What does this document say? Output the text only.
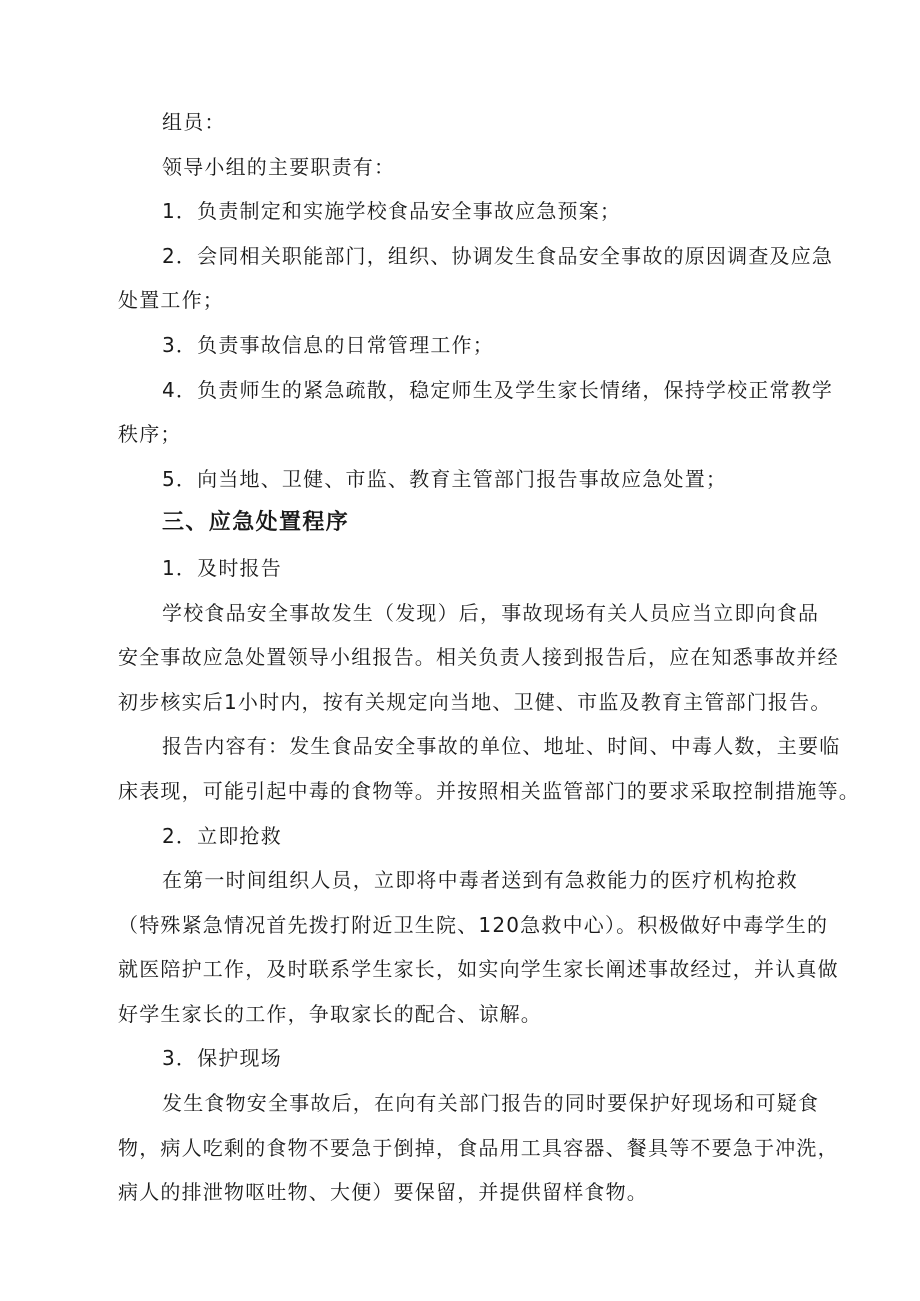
组员：

领导小组的主要职责有：

1．负责制定和实施学校食品安全事故应急预案；

2．会同相关职能部门，组织、协调发生食品安全事故的原因调查及应急

处置工作；

3．负责事故信息的日常管理工作；

4．负责师生的紧急疏散，稳定师生及学生家长情绪，保持学校正常教学

秩序；

5．向当地、卫健、市监、教育主管部门报告事故应急处置；

三、应急处置程序

1．及时报告

学校食品安全事故发生（发现）后，事故现场有关人员应当立即向食品

安全事故应急处置领导小组报告。相关负责人接到报告后，应在知悉事故并经

初步核实后1小时内，按有关规定向当地、卫健、市监及教育主管部门报告。

报告内容有：发生食品安全事故的单位、地址、时间、中毒人数，主要临

床表现，可能引起中毒的食物等。并按照相关监管部门的要求采取控制措施等。

2．立即抢救

在第一时间组织人员，立即将中毒者送到有急救能力的医疗机构抢救

（特殊紧急情况首先拨打附近卫生院、120急救中心）。积极做好中毒学生的

就医陪护工作，及时联系学生家长，如实向学生家长阐述事故经过，并认真做

好学生家长的工作，争取家长的配合、谅解。

3．保护现场

发生食物安全事故后，在向有关部门报告的同时要保护好现场和可疑食

物，病人吃剩的食物不要急于倒掉，食品用工具容器、餐具等不要急于冲洗，

病人的排泄物呕吐物、大便）要保留，并提供留样食物。
